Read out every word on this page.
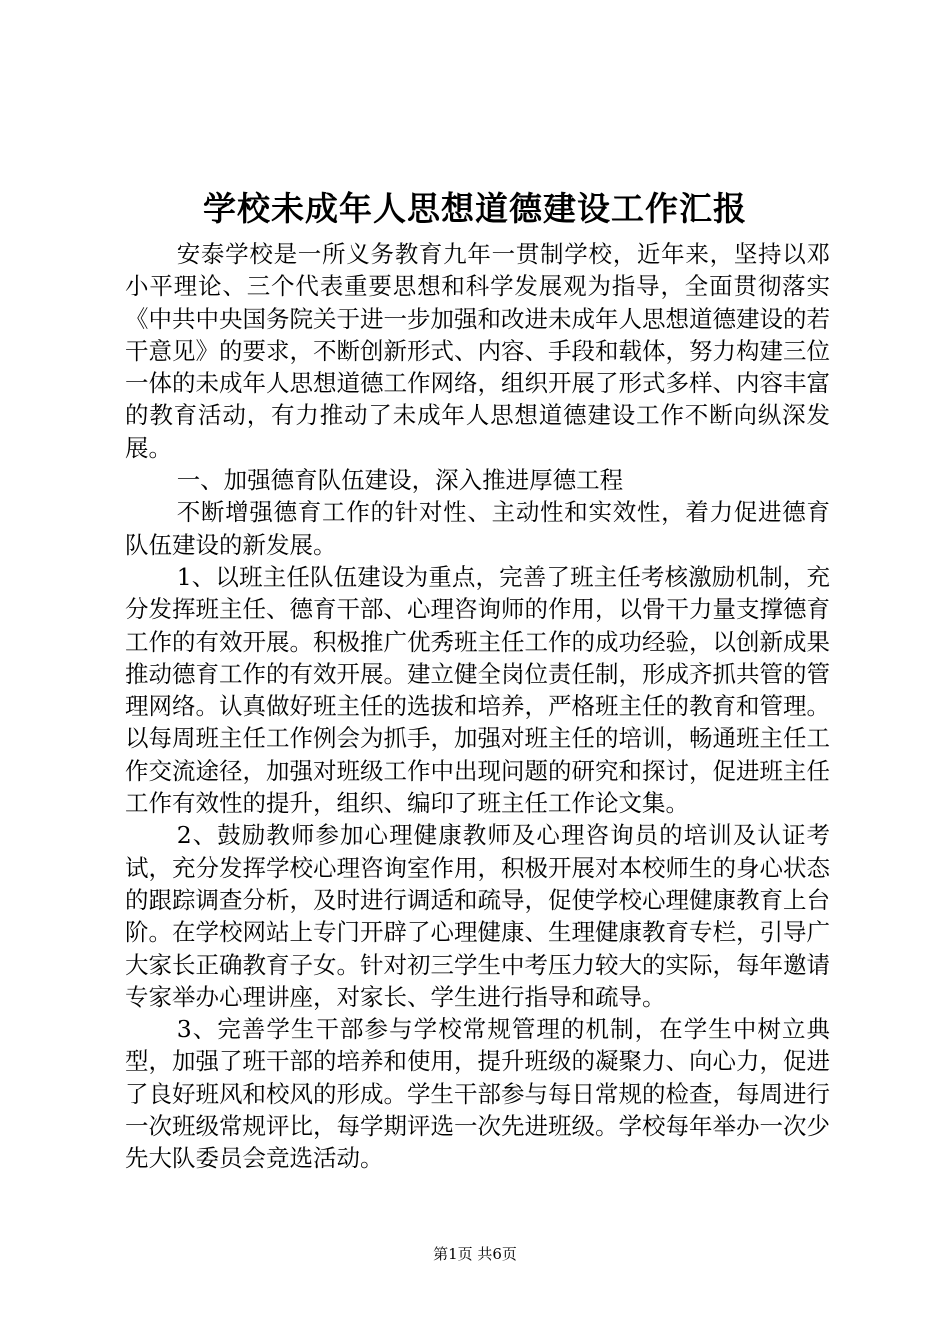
学校未成年人思想道德建设工作汇报

安泰学校是一所义务教育九年一贯制学校，近年来，坚持以邓小平理论、三个代表重要思想和科学发展观为指导，全面贯彻落实《中共中央国务院关于进一步加强和改进未成年人思想道德建设的若干意见》的要求，不断创新形式、内容、手段和载体，努力构建三位一体的未成年人思想道德工作网络，组织开展了形式多样、内容丰富的教育活动，有力推动了未成年人思想道德建设工作不断向纵深发展。

一、加强德育队伍建设，深入推进厚德工程

不断增强德育工作的针对性、主动性和实效性，着力促进德育队伍建设的新发展。

1、以班主任队伍建设为重点，完善了班主任考核激励机制，充分发挥班主任、德育干部、心理咨询师的作用，以骨干力量支撑德育工作的有效开展。积极推广优秀班主任工作的成功经验，以创新成果推动德育工作的有效开展。建立健全岗位责任制，形成齐抓共管的管理网络。认真做好班主任的选拔和培养，严格班主任的教育和管理。以每周班主任工作例会为抓手，加强对班主任的培训，畅通班主任工作交流途径，加强对班级工作中出现问题的研究和探讨，促进班主任工作有效性的提升，组织、编印了班主任工作论文集。

2、鼓励教师参加心理健康教师及心理咨询员的培训及认证考试，充分发挥学校心理咨询室作用，积极开展对本校师生的身心状态的跟踪调查分析，及时进行调适和疏导，促使学校心理健康教育上台阶。在学校网站上专门开辟了心理健康、生理健康教育专栏，引导广大家长正确教育子女。针对初三学生中考压力较大的实际，每年邀请专家举办心理讲座，对家长、学生进行指导和疏导。

3、完善学生干部参与学校常规管理的机制，在学生中树立典型，加强了班干部的培养和使用，提升班级的凝聚力、向心力，促进了良好班风和校风的形成。学生干部参与每日常规的检查，每周进行一次班级常规评比，每学期评选一次先进班级。学校每年举办一次少先大队委员会竞选活动。

第1页 共6页
